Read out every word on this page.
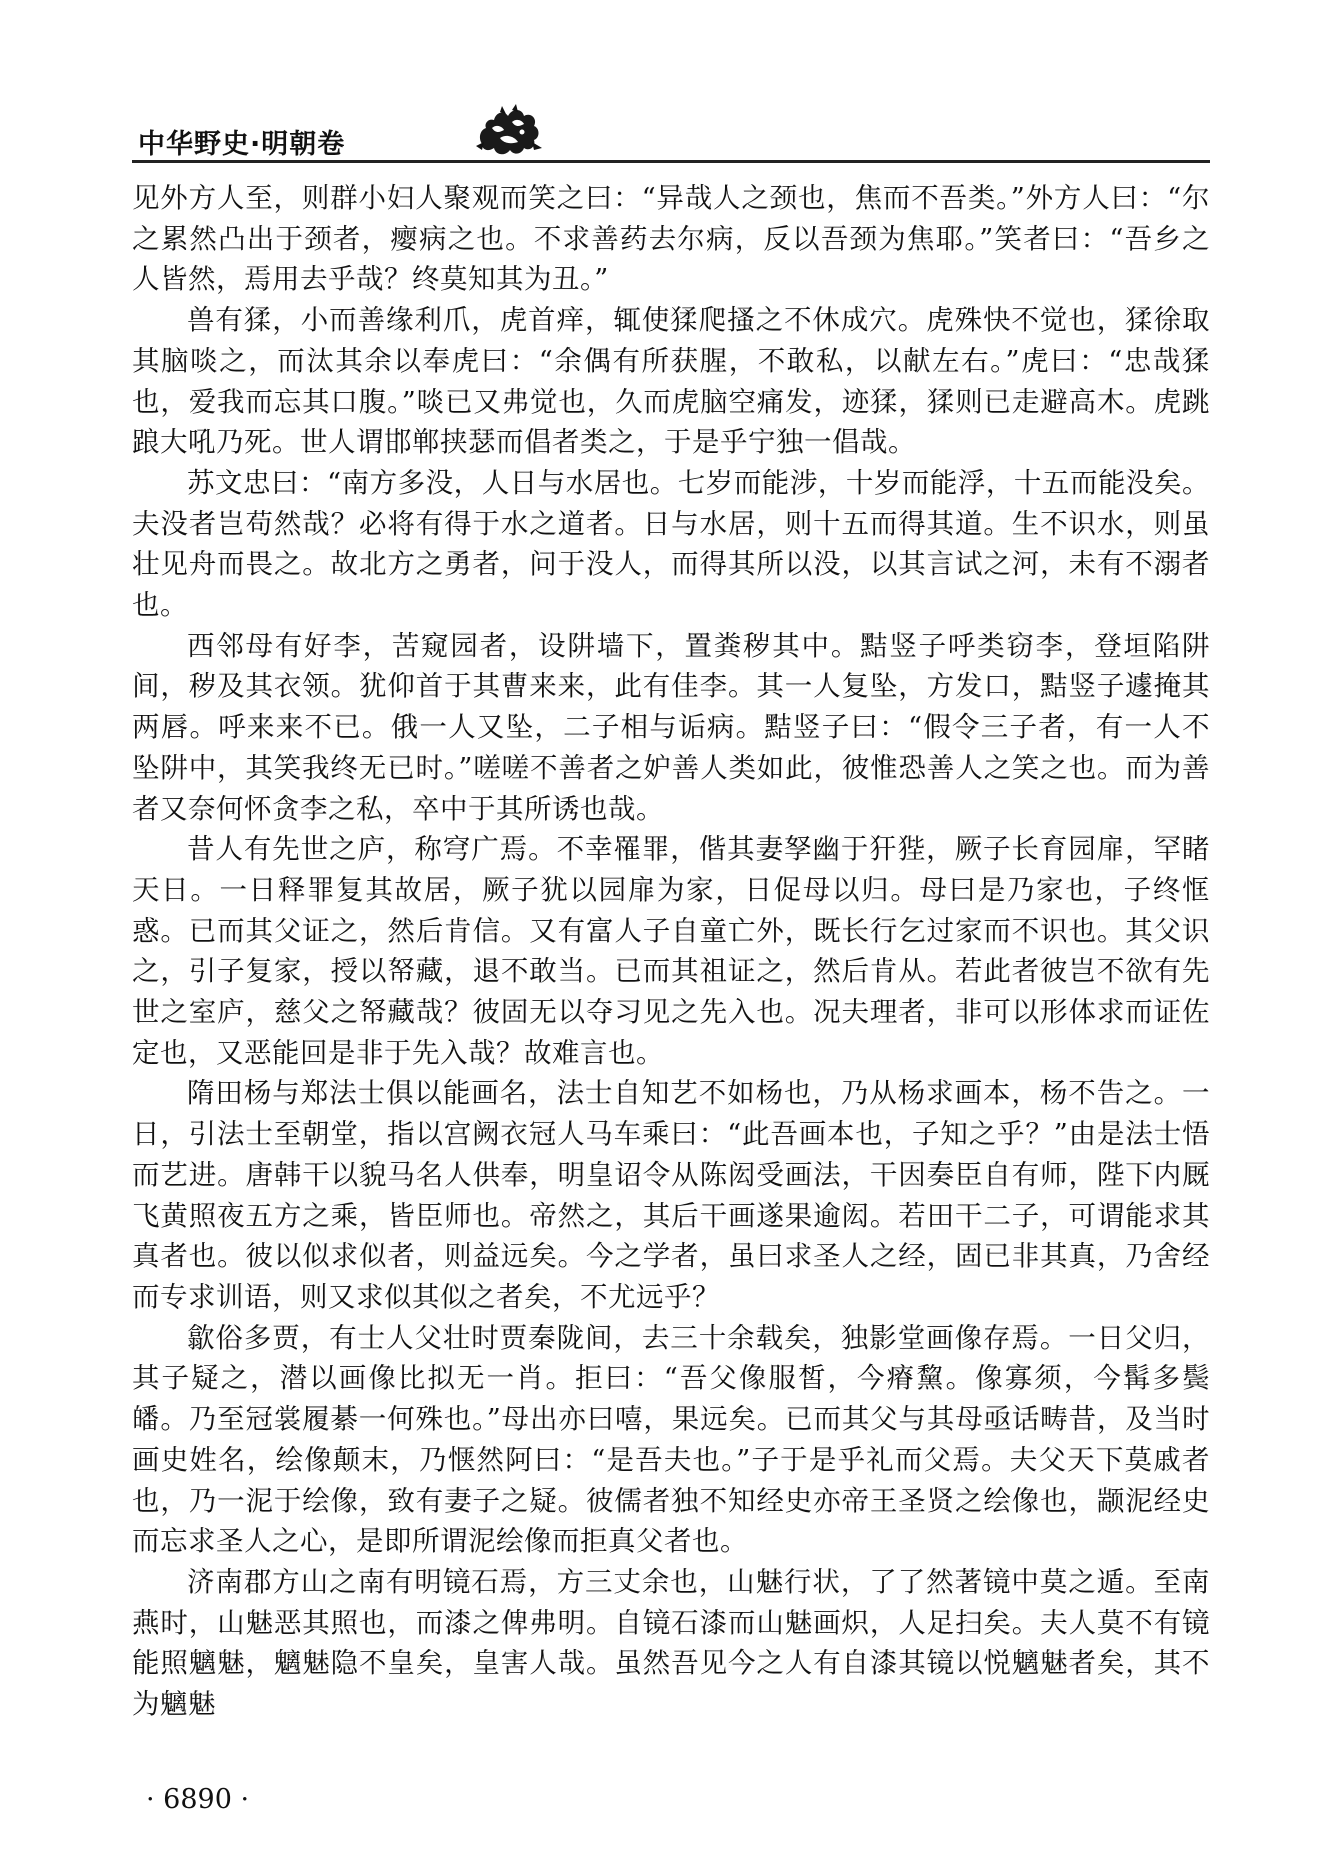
中华野史·明朝卷

见外方人至，则群小妇人聚观而笑之曰：“异哉人之颈也，焦而不吾类。”外方人曰：“尔之累然凸出于颈者，瘿病之也。不求善药去尔病，反以吾颈为焦耶。”笑者曰：“吾乡之人皆然，焉用去乎哉？终莫知其为丑。”

兽有猱，小而善缘利爪，虎首痒，辄使猱爬搔之不休成穴。虎殊快不觉也，猱徐取其脑啖之，而汰其余以奉虎曰：“余偶有所获腥，不敢私，以献左右。”虎曰：“忠哉猱也，爱我而忘其口腹。”啖已又弗觉也，久而虎脑空痛发，迹猱，猱则已走避高木。虎跳踉大吼乃死。世人谓邯郸挟瑟而倡者类之，于是乎宁独一倡哉。

苏文忠曰：“南方多没，人日与水居也。七岁而能涉，十岁而能浮，十五而能没矣。夫没者岂苟然哉？必将有得于水之道者。日与水居，则十五而得其道。生不识水，则虽壮见舟而畏之。故北方之勇者，问于没人，而得其所以没，以其言试之河，未有不溺者也。

西邻母有好李，苦窥园者，设阱墙下，置粪秽其中。黠竖子呼类窃李，登垣陷阱间，秽及其衣领。犹仰首于其曹来来，此有佳李。其一人复坠，方发口，黠竖子遽掩其两唇。呼来来不已。俄一人又坠，二子相与诟病。黠竖子曰：“假令三子者，有一人不坠阱中，其笑我终无已时。”嗟嗟不善者之妒善人类如此，彼惟恐善人之笑之也。而为善者又奈何怀贪李之私，卒中于其所诱也哉。

昔人有先世之庐，称穹广焉。不幸罹罪，偕其妻孥幽于犴狴，厥子长育园扉，罕睹天日。一日释罪复其故居，厥子犹以园扉为家，日促母以归。母曰是乃家也，子终恇惑。已而其父证之，然后肯信。又有富人子自童亡外，既长行乞过家而不识也。其父识之，引子复家，授以帑藏，退不敢当。已而其祖证之，然后肯从。若此者彼岂不欲有先世之室庐，慈父之帑藏哉？彼固无以夺习见之先入也。况夫理者，非可以形体求而证佐定也，又恶能回是非于先入哉？故难言也。

隋田杨与郑法士俱以能画名，法士自知艺不如杨也，乃从杨求画本，杨不告之。一日，引法士至朝堂，指以宫阙衣冠人马车乘曰：“此吾画本也，子知之乎？”由是法士悟而艺进。唐韩干以貌马名人供奉，明皇诏令从陈闳受画法，干因奏臣自有师，陛下内厩飞黄照夜五方之乘，皆臣师也。帝然之，其后干画遂果逾闳。若田干二子，可谓能求其真者也。彼以似求似者，则益远矣。今之学者，虽曰求圣人之经，固已非其真，乃舍经而专求训语，则又求似其似之者矣，不尤远乎？

歙俗多贾，有士人父壮时贾秦陇间，去三十余载矣，独影堂画像存焉。一日父归，其子疑之，潜以画像比拟无一肖。拒曰：“吾父像服皙，今瘠黧。像寡须，今髯多鬓皤。乃至冠裳履綦一何殊也。”母出亦曰嘻，果远矣。已而其父与其母亟话畴昔，及当时画史姓名，绘像颠末，乃惬然阿曰：“是吾夫也。”子于是乎礼而父焉。夫父天下莫戚者也，乃一泥于绘像，致有妻子之疑。彼儒者独不知经史亦帝王圣贤之绘像也，颛泥经史而忘求圣人之心，是即所谓泥绘像而拒真父者也。

济南郡方山之南有明镜石焉，方三丈余也，山魅行状，了了然著镜中莫之遁。至南燕时，山魅恶其照也，而漆之俾弗明。自镜石漆而山魅画炽，人足扫矣。夫人莫不有镜能照魑魅，魑魅隐不皇矣，皇害人哉。虽然吾见今之人有自漆其镜以悦魑魅者矣，其不为魑魅

· 6890 ·
